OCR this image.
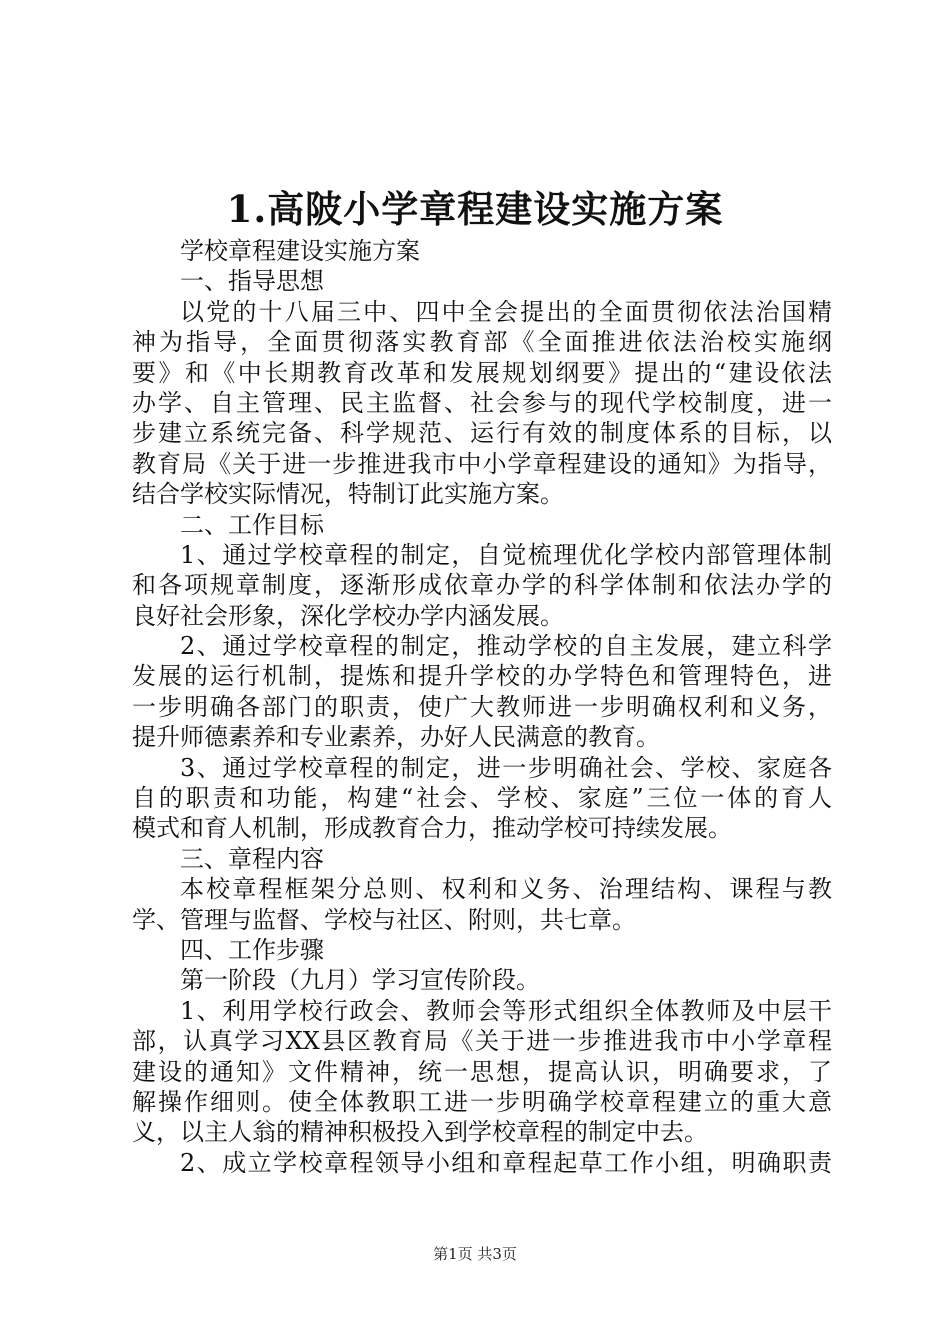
1.高陂小学章程建设实施方案
学校章程建设实施方案
一、指导思想
以党的十八届三中、四中全会提出的全面贯彻依法治国精
神为指导，全面贯彻落实教育部《全面推进依法治校实施纲
要》和《中长期教育改革和发展规划纲要》提出的“建设依法
办学、自主管理、民主监督、社会参与的现代学校制度，进一
步建立系统完备、科学规范、运行有效的制度体系的目标，以
教育局《关于进一步推进我市中小学章程建设的通知》为指导，
结合学校实际情况，特制订此实施方案。
二、工作目标
1、通过学校章程的制定，自觉梳理优化学校内部管理体制
和各项规章制度，逐渐形成依章办学的科学体制和依法办学的
良好社会形象，深化学校办学内涵发展。
2、通过学校章程的制定，推动学校的自主发展，建立科学
发展的运行机制，提炼和提升学校的办学特色和管理特色，进
一步明确各部门的职责，使广大教师进一步明确权利和义务，
提升师德素养和专业素养，办好人民满意的教育。
3、通过学校章程的制定，进一步明确社会、学校、家庭各
自的职责和功能，构建“社会、学校、家庭”三位一体的育人
模式和育人机制，形成教育合力，推动学校可持续发展。
三、章程内容
本校章程框架分总则、权利和义务、治理结构、课程与教
学、管理与监督、学校与社区、附则，共七章。
四、工作步骤
第一阶段（九月）学习宣传阶段。
1、利用学校行政会、教师会等形式组织全体教师及中层干
部，认真学习XX县区教育局《关于进一步推进我市中小学章程
建设的通知》文件精神，统一思想，提高认识，明确要求，了
解操作细则。使全体教职工进一步明确学校章程建立的重大意
义，以主人翁的精神积极投入到学校章程的制定中去。
2、成立学校章程领导小组和章程起草工作小组，明确职责
第1页 共3页
